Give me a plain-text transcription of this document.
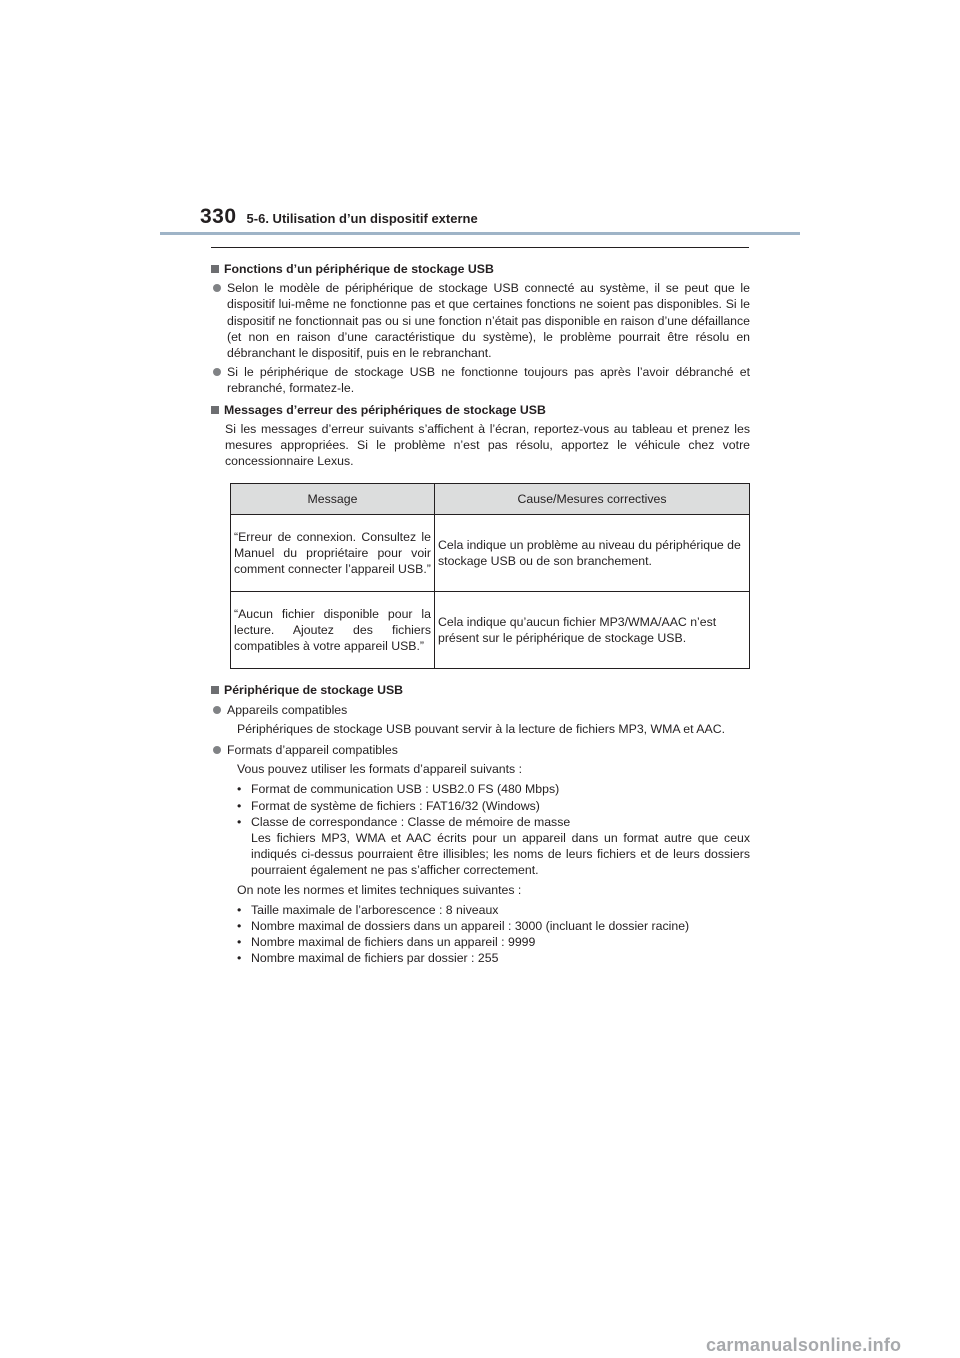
330 5-6. Utilisation d’un dispositif externe
Fonctions d’un périphérique de stockage USB
Selon le modèle de périphérique de stockage USB connecté au système, il se peut que le dispositif lui-même ne fonctionne pas et que certaines fonctions ne soient pas disponibles. Si le dispositif ne fonctionnait pas ou si une fonction n’était pas disponible en raison d’une défaillance (et non en raison d’une caractéristique du système), le problème pourrait être résolu en débranchant le dispositif, puis en le rebranchant.
Si le périphérique de stockage USB ne fonctionne toujours pas après l’avoir débranché et rebranché, formatez-le.
Messages d’erreur des périphériques de stockage USB
Si les messages d’erreur suivants s’affichent à l’écran, reportez-vous au tableau et prenez les mesures appropriées. Si le problème n’est pas résolu, apportez le véhicule chez votre concessionnaire Lexus.
Message	Cause/Mesures correctives
“Erreur de connexion. Consultez le Manuel du propriétaire pour voir comment connecter l’appareil USB.”	Cela indique un problème au niveau du périphérique de stockage USB ou de son branchement.
“Aucun fichier disponible pour la lecture. Ajoutez des fichiers compatibles à votre appareil USB.”	Cela indique qu’aucun fichier MP3/WMA/AAC n’est présent sur le périphérique de stockage USB.
Périphérique de stockage USB
Appareils compatibles
Périphériques de stockage USB pouvant servir à la lecture de fichiers MP3, WMA et AAC.
Formats d’appareil compatibles
Vous pouvez utiliser les formats d’appareil suivants :
• Format de communication USB : USB2.0 FS (480 Mbps)
• Format de système de fichiers : FAT16/32 (Windows)
• Classe de correspondance : Classe de mémoire de masse
Les fichiers MP3, WMA et AAC écrits pour un appareil dans un format autre que ceux indiqués ci-dessus pourraient être illisibles; les noms de leurs fichiers et de leurs dossiers pourraient également ne pas s’afficher correctement.
On note les normes et limites techniques suivantes :
• Taille maximale de l’arborescence : 8 niveaux
• Nombre maximal de dossiers dans un appareil : 3000 (incluant le dossier racine)
• Nombre maximal de fichiers dans un appareil : 9999
• Nombre maximal de fichiers par dossier : 255
carmanualsonline.info
